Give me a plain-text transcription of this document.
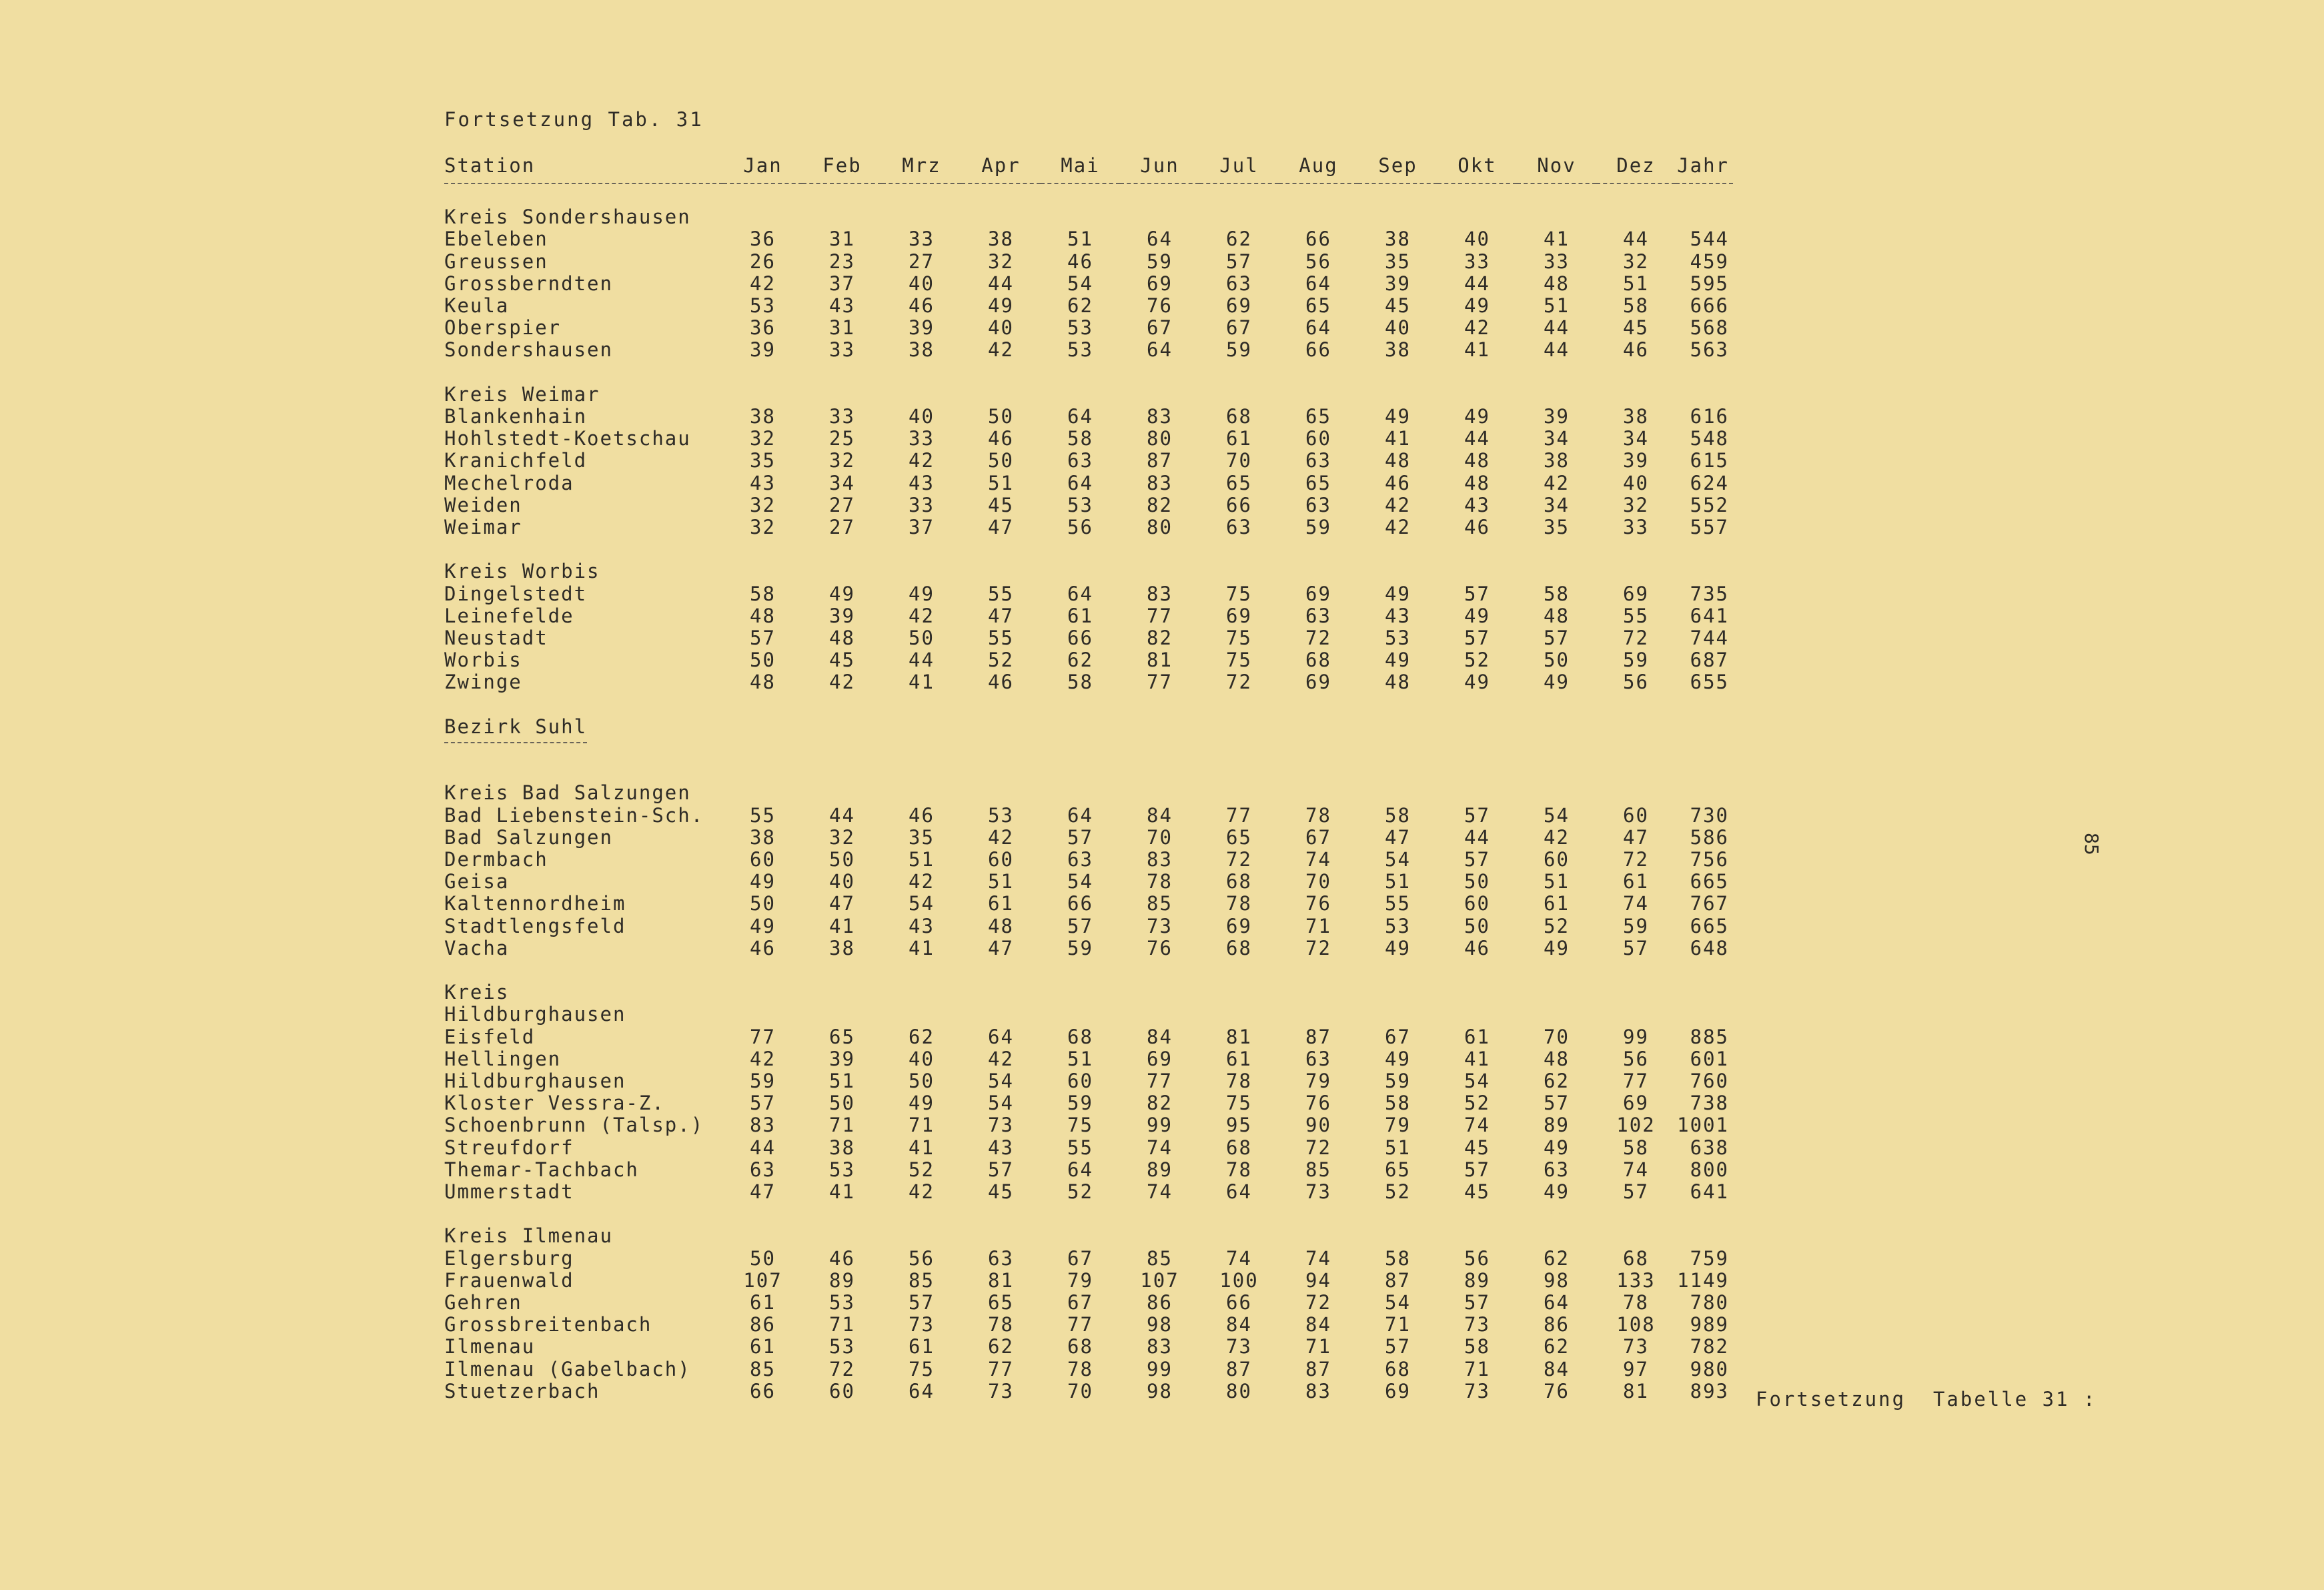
Fortsetzung Tab. 31
Station	Jan	Feb	Mrz	Apr	Mai	Jun	Jul	Aug	Sep	Okt	Nov	Dez	Jahr

Kreis Sondershausen													
Ebeleben	36	31	33	38	51	64	62	66	38	40	41	44	544
Greussen	26	23	27	32	46	59	57	56	35	33	33	32	459
Grossberndten	42	37	40	44	54	69	63	64	39	44	48	51	595
Keula	53	43	46	49	62	76	69	65	45	49	51	58	666
Oberspier	36	31	39	40	53	67	67	64	40	42	44	45	568
Sondershausen	39	33	38	42	53	64	59	66	38	41	44	46	563

Kreis Weimar													
Blankenhain	38	33	40	50	64	83	68	65	49	49	39	38	616
Hohlstedt-Koetschau	32	25	33	46	58	80	61	60	41	44	34	34	548
Kranichfeld	35	32	42	50	63	87	70	63	48	48	38	39	615
Mechelroda	43	34	43	51	64	83	65	65	46	48	42	40	624
Weiden	32	27	33	45	53	82	66	63	42	43	34	32	552
Weimar	32	27	37	47	56	80	63	59	42	46	35	33	557

Kreis Worbis													
Dingelstedt	58	49	49	55	64	83	75	69	49	57	58	69	735
Leinefelde	48	39	42	47	61	77	69	63	43	49	48	55	641
Neustadt	57	48	50	55	66	82	75	72	53	57	57	72	744
Worbis	50	45	44	52	62	81	75	68	49	52	50	59	687
Zwinge	48	42	41	46	58	77	72	69	48	49	49	56	655

Bezirk Suhl													

Kreis Bad Salzungen													
Bad Liebenstein-Sch.	55	44	46	53	64	84	77	78	58	57	54	60	730
Bad Salzungen	38	32	35	42	57	70	65	67	47	44	42	47	586
Dermbach	60	50	51	60	63	83	72	74	54	57	60	72	756
Geisa	49	40	42	51	54	78	68	70	51	50	51	61	665
Kaltennordheim	50	47	54	61	66	85	78	76	55	60	61	74	767
Stadtlengsfeld	49	41	43	48	57	73	69	71	53	50	52	59	665
Vacha	46	38	41	47	59	76	68	72	49	46	49	57	648

Kreis													
Hildburghausen													
Eisfeld	77	65	62	64	68	84	81	87	67	61	70	99	885
Hellingen	42	39	40	42	51	69	61	63	49	41	48	56	601
Hildburghausen	59	51	50	54	60	77	78	79	59	54	62	77	760
Kloster Vessra-Z.	57	50	49	54	59	82	75	76	58	52	57	69	738
Schoenbrunn (Talsp.)	83	71	71	73	75	99	95	90	79	74	89	102	1001
Streufdorf	44	38	41	43	55	74	68	72	51	45	49	58	638
Themar-Tachbach	63	53	52	57	64	89	78	85	65	57	63	74	800
Ummerstadt	47	41	42	45	52	74	64	73	52	45	49	57	641

Kreis Ilmenau													
Elgersburg	50	46	56	63	67	85	74	74	58	56	62	68	759
Frauenwald	107	89	85	81	79	107	100	94	87	89	98	133	1149
Gehren	61	53	57	65	67	86	66	72	54	57	64	78	780
Grossbreitenbach	86	71	73	78	77	98	84	84	71	73	86	108	989
Ilmenau	61	53	61	62	68	83	73	71	57	58	62	73	782
Ilmenau (Gabelbach)	85	72	75	77	78	99	87	87	68	71	84	97	980
Stuetzerbach	66	60	64	73	70	98	80	83	69	73	76	81	893 Fortsetzung  Tabelle 31 :
85
